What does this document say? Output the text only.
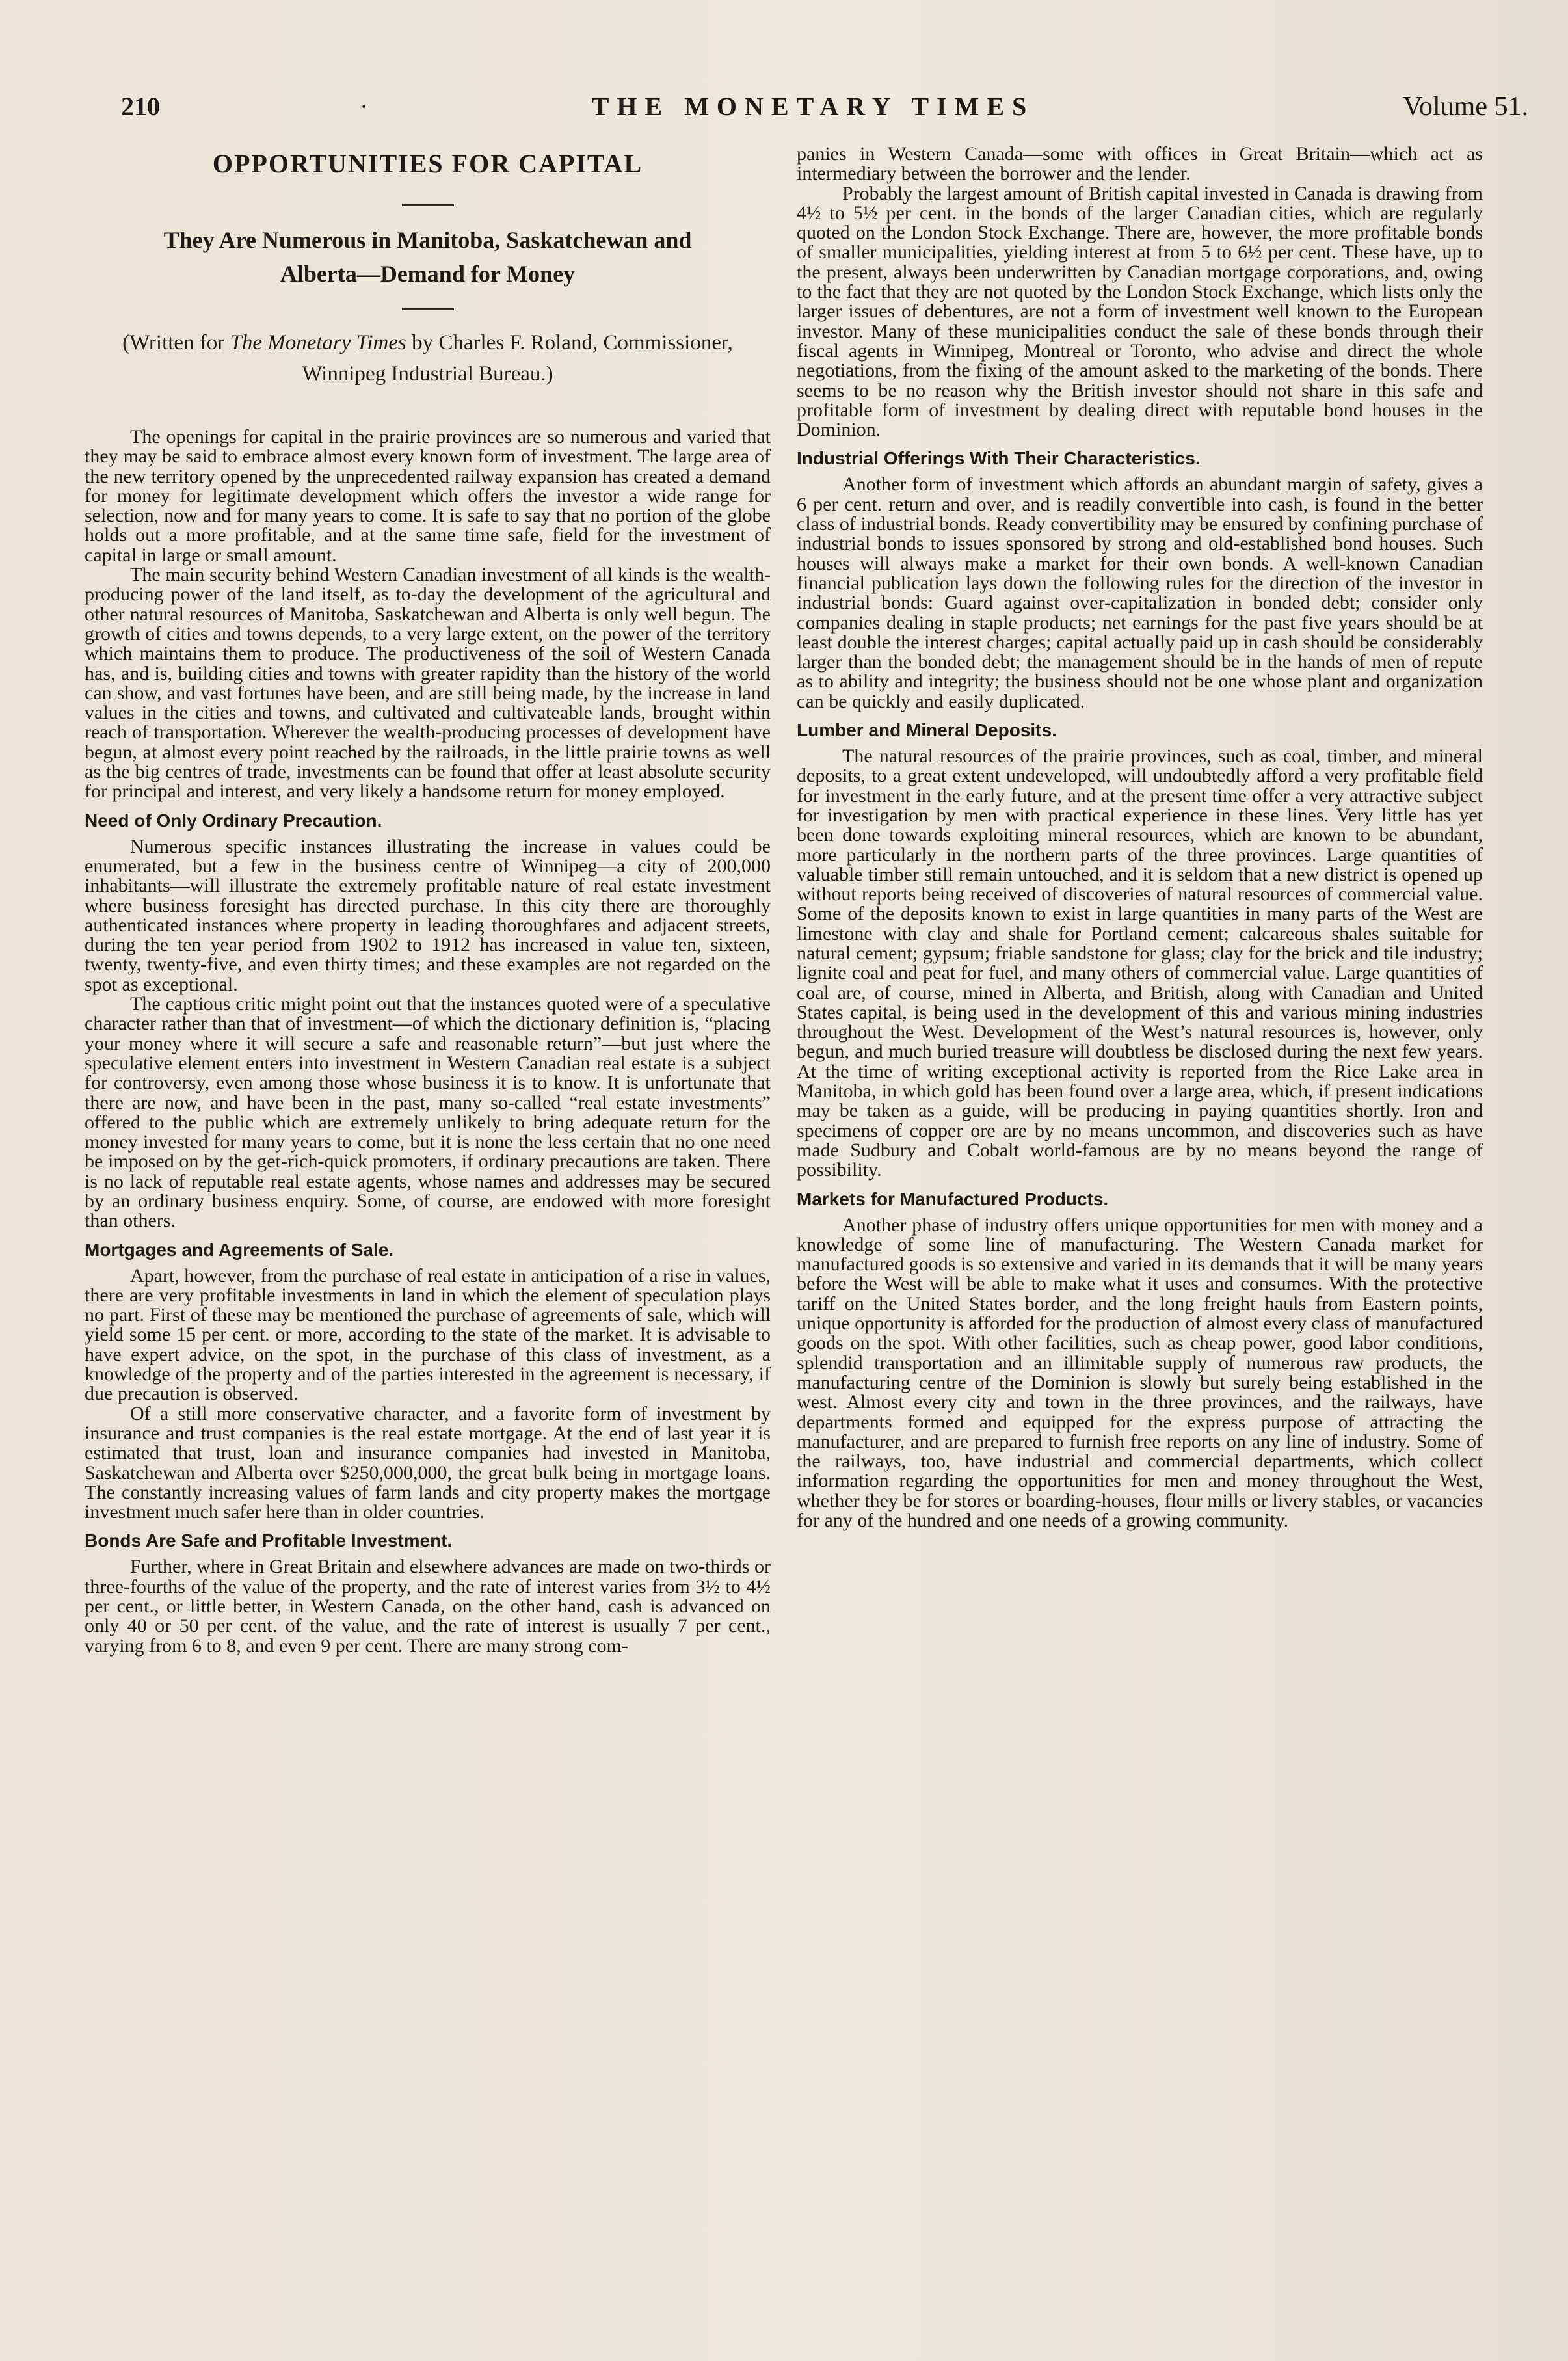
210	·	THE MONETARY TIMES	Volume 51.
OPPORTUNITIES FOR CAPITAL
They Are Numerous in Manitoba, Saskatchewan and
Alberta—Demand for Money
(Written for The Monetary Times by Charles F. Roland, Commissioner, Winnipeg Industrial Bureau.)

The openings for capital in the prairie provinces are so numerous and varied that they may be said to embrace almost every known form of investment. The large area of the new territory opened by the unprecedented railway expansion has created a demand for money for legitimate development which offers the investor a wide range for selection, now and for many years to come. It is safe to say that no portion of the globe holds out a more profitable, and at the same time safe, field for the investment of capital in large or small amount.

The main security behind Western Canadian investment of all kinds is the wealth-producing power of the land itself, as to-day the development of the agricultural and other natural resources of Manitoba, Saskatchewan and Alberta is only well begun. The growth of cities and towns depends, to a very large extent, on the power of the territory which maintains them to produce. The productiveness of the soil of Western Canada has, and is, building cities and towns with greater rapidity than the history of the world can show, and vast fortunes have been, and are still being made, by the increase in land values in the cities and towns, and cultivated and cultivateable lands, brought within reach of transportation. Wherever the wealth-producing processes of development have begun, at almost every point reached by the railroads, in the little prairie towns as well as the big centres of trade, investments can be found that offer at least absolute security for principal and interest, and very likely a handsome return for money employed.

Need of Only Ordinary Precaution.

Numerous specific instances illustrating the increase in values could be enumerated, but a few in the business centre of Winnipeg—a city of 200,000 inhabitants—will illustrate the extremely profitable nature of real estate investment where business foresight has directed purchase. In this city there are thoroughly authenticated instances where property in leading thoroughfares and adjacent streets, during the ten year period from 1902 to 1912 has increased in value ten, sixteen, twenty, twenty-five, and even thirty times; and these examples are not regarded on the spot as exceptional.

The captious critic might point out that the instances quoted were of a speculative character rather than that of investment—of which the dictionary definition is, “placing your money where it will secure a safe and reasonable return”—but just where the speculative element enters into investment in Western Canadian real estate is a subject for controversy, even among those whose business it is to know. It is unfortunate that there are now, and have been in the past, many so-called “real estate investments” offered to the public which are extremely unlikely to bring adequate return for the money invested for many years to come, but it is none the less certain that no one need be imposed on by the get-rich-quick promoters, if ordinary precautions are taken. There is no lack of reputable real estate agents, whose names and addresses may be secured by an ordinary business enquiry. Some, of course, are endowed with more foresight than others.

Mortgages and Agreements of Sale.

Apart, however, from the purchase of real estate in anticipation of a rise in values, there are very profitable investments in land in which the element of speculation plays no part. First of these may be mentioned the purchase of agreements of sale, which will yield some 15 per cent. or more, according to the state of the market. It is advisable to have expert advice, on the spot, in the purchase of this class of investment, as a knowledge of the property and of the parties interested in the agreement is necessary, if due precaution is observed.

Of a still more conservative character, and a favorite form of investment by insurance and trust companies is the real estate mortgage. At the end of last year it is estimated that trust, loan and insurance companies had invested in Manitoba, Saskatchewan and Alberta over $250,000,000, the great bulk being in mortgage loans. The constantly increasing values of farm lands and city property makes the mortgage investment much safer here than in older countries.

Bonds Are Safe and Profitable Investment.

Further, where in Great Britain and elsewhere advances are made on two-thirds or three-fourths of the value of the property, and the rate of interest varies from 3½ to 4½ per cent., or little better, in Western Canada, on the other hand, cash is advanced on only 40 or 50 per cent. of the value, and the rate of interest is usually 7 per cent., varying from 6 to 8, and even 9 per cent. There are many strong com-

panies in Western Canada—some with offices in Great Britain—which act as intermediary between the borrower and the lender.

Probably the largest amount of British capital invested in Canada is drawing from 4½ to 5½ per cent. in the bonds of the larger Canadian cities, which are regularly quoted on the London Stock Exchange. There are, however, the more profitable bonds of smaller municipalities, yielding interest at from 5 to 6½ per cent. These have, up to the present, always been underwritten by Canadian mortgage corporations, and, owing to the fact that they are not quoted by the London Stock Exchange, which lists only the larger issues of debentures, are not a form of investment well known to the European investor. Many of these municipalities conduct the sale of these bonds through their fiscal agents in Winnipeg, Montreal or Toronto, who advise and direct the whole negotiations, from the fixing of the amount asked to the marketing of the bonds. There seems to be no reason why the British investor should not share in this safe and profitable form of investment by dealing direct with reputable bond houses in the Dominion.

Industrial Offerings With Their Characteristics.

Another form of investment which affords an abundant margin of safety, gives a 6 per cent. return and over, and is readily convertible into cash, is found in the better class of industrial bonds. Ready convertibility may be ensured by confining purchase of industrial bonds to issues sponsored by strong and old-established bond houses. Such houses will always make a market for their own bonds. A well-known Canadian financial publication lays down the following rules for the direction of the investor in industrial bonds: Guard against over-capitalization in bonded debt; consider only companies dealing in staple products; net earnings for the past five years should be at least double the interest charges; capital actually paid up in cash should be considerably larger than the bonded debt; the management should be in the hands of men of repute as to ability and integrity; the business should not be one whose plant and organization can be quickly and easily duplicated.

Lumber and Mineral Deposits.

The natural resources of the prairie provinces, such as coal, timber, and mineral deposits, to a great extent undeveloped, will undoubtedly afford a very profitable field for investment in the early future, and at the present time offer a very attractive subject for investigation by men with practical experience in these lines. Very little has yet been done towards exploiting mineral resources, which are known to be abundant, more particularly in the northern parts of the three provinces. Large quantities of valuable timber still remain untouched, and it is seldom that a new district is opened up without reports being received of discoveries of natural resources of commercial value. Some of the deposits known to exist in large quantities in many parts of the West are limestone with clay and shale for Portland cement; calcareous shales suitable for natural cement; gypsum; friable sandstone for glass; clay for the brick and tile industry; lignite coal and peat for fuel, and many others of commercial value. Large quantities of coal are, of course, mined in Alberta, and British, along with Canadian and United States capital, is being used in the development of this and various mining industries throughout the West. Development of the West’s natural resources is, however, only begun, and much buried treasure will doubtless be disclosed during the next few years. At the time of writing exceptional activity is reported from the Rice Lake area in Manitoba, in which gold has been found over a large area, which, if present indications may be taken as a guide, will be producing in paying quantities shortly. Iron and specimens of copper ore are by no means uncommon, and discoveries such as have made Sudbury and Cobalt world-famous are by no means beyond the range of possibility.

Markets for Manufactured Products.

Another phase of industry offers unique opportunities for men with money and a knowledge of some line of manufacturing. The Western Canada market for manufactured goods is so extensive and varied in its demands that it will be many years before the West will be able to make what it uses and consumes. With the protective tariff on the United States border, and the long freight hauls from Eastern points, unique opportunity is afforded for the production of almost every class of manufactured goods on the spot. With other facilities, such as cheap power, good labor conditions, splendid transportation and an illimitable supply of numerous raw products, the manufacturing centre of the Dominion is slowly but surely being established in the west. Almost every city and town in the three provinces, and the railways, have departments formed and equipped for the express purpose of attracting the manufacturer, and are prepared to furnish free reports on any line of industry. Some of the railways, too, have industrial and commercial departments, which collect information regarding the opportunities for men and money throughout the West, whether they be for stores or boarding-houses, flour mills or livery stables, or vacancies for any of the hundred and one needs of a growing community.
